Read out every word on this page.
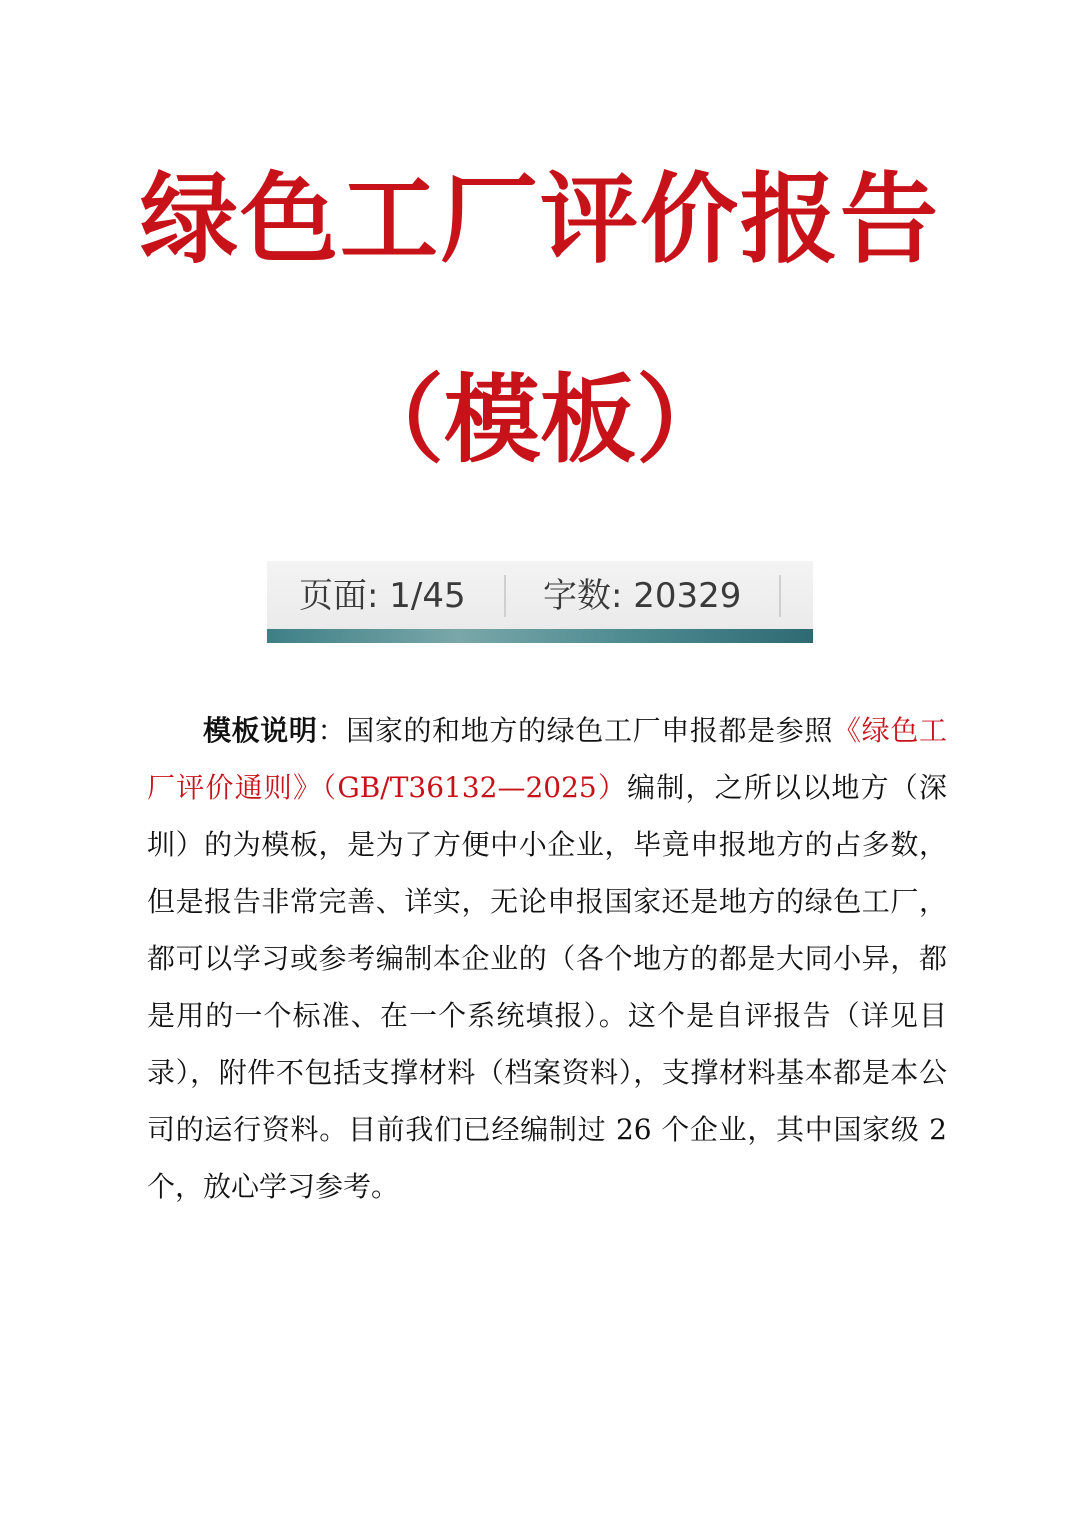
绿色工厂评价报告
（模板）
页面: 1/45 字数: 20329

模板说明：国家的和地方的绿色工厂申报都是参照《绿色工厂评价通则》（GB/T36132—2025）编制，之所以以地方（深圳）的为模板，是为了方便中小企业，毕竟申报地方的占多数，但是报告非常完善、详实，无论申报国家还是地方的绿色工厂，都可以学习或参考编制本企业的（各个地方的都是大同小异，都是用的一个标准、在一个系统填报）。这个是自评报告（详见目录），附件不包括支撑材料（档案资料），支撑材料基本都是本公司的运行资料。目前我们已经编制过 26 个企业，其中国家级 2 个，放心学习参考。
